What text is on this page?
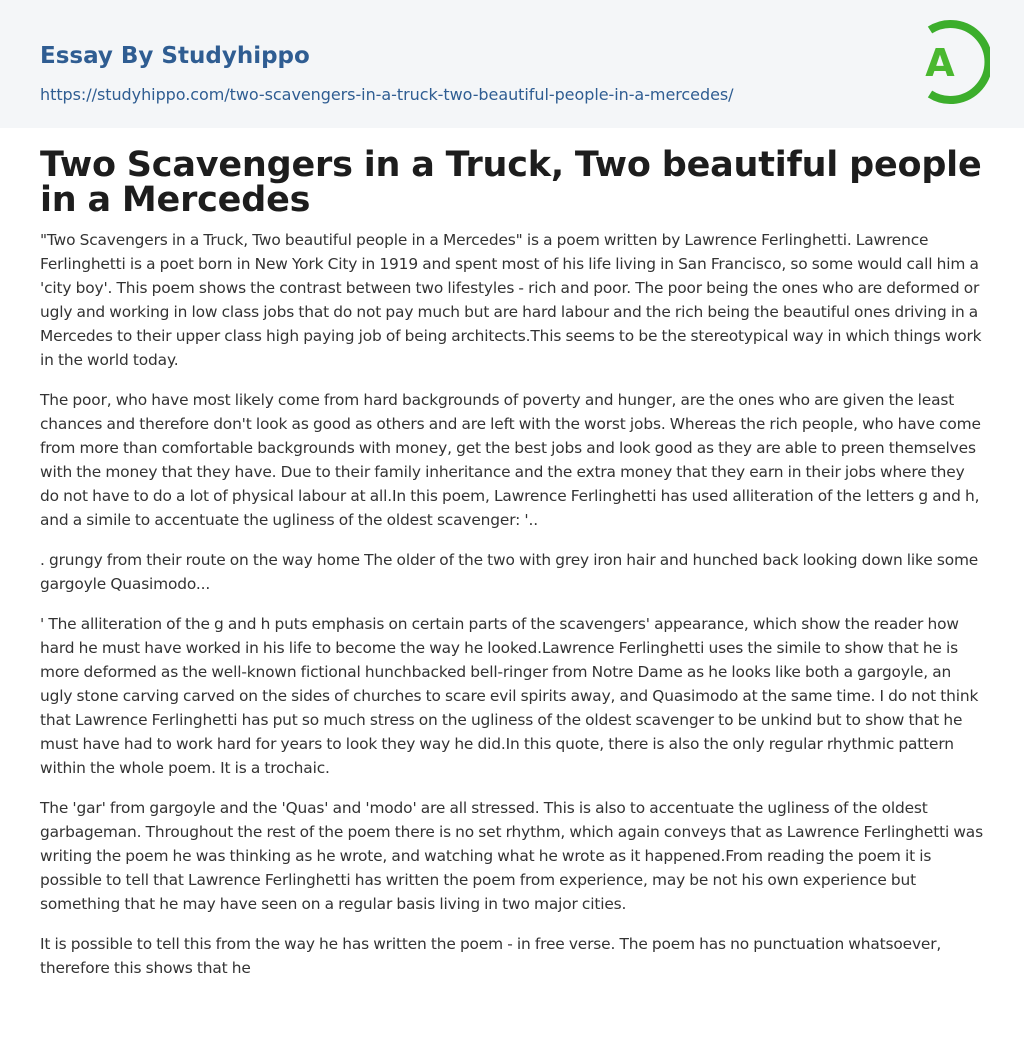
Essay By Studyhippo
https://studyhippo.com/two-scavengers-in-a-truck-two-beautiful-people-in-a-mercedes/
A
Two Scavengers in a Truck, Two beautiful people in a Mercedes

"Two Scavengers in a Truck, Two beautiful people in a Mercedes" is a poem written by Lawrence Ferlinghetti. Lawrence Ferlinghetti is a poet born in New York City in 1919 and spent most of his life living in San Francisco, so some would call him a 'city boy'. This poem shows the contrast between two lifestyles - rich and poor. The poor being the ones who are deformed or ugly and working in low class jobs that do not pay much but are hard labour and the rich being the beautiful ones driving in a Mercedes to their upper class high paying job of being architects.This seems to be the stereotypical way in which things work in the world today.

The poor, who have most likely come from hard backgrounds of poverty and hunger, are the ones who are given the least chances and therefore don't look as good as others and are left with the worst jobs. Whereas the rich people, who have come from more than comfortable backgrounds with money, get the best jobs and look good as they are able to preen themselves with the money that they have. Due to their family inheritance and the extra money that they earn in their jobs where they do not have to do a lot of physical labour at all.In this poem, Lawrence Ferlinghetti has used alliteration of the letters g and h, and a simile to accentuate the ugliness of the oldest scavenger: '..

. grungy from their route on the way home The older of the two with grey iron hair and hunched back looking down like some gargoyle Quasimodo...

' The alliteration of the g and h puts emphasis on certain parts of the scavengers' appearance, which show the reader how hard he must have worked in his life to become the way he looked.Lawrence Ferlinghetti uses the simile to show that he is more deformed as the well-known fictional hunchbacked bell-ringer from Notre Dame as he looks like both a gargoyle, an ugly stone carving carved on the sides of churches to scare evil spirits away, and Quasimodo at the same time. I do not think that Lawrence Ferlinghetti has put so much stress on the ugliness of the oldest scavenger to be unkind but to show that he must have had to work hard for years to look they way he did.In this quote, there is also the only regular rhythmic pattern within the whole poem. It is a trochaic.

The 'gar' from gargoyle and the 'Quas' and 'modo' are all stressed. This is also to accentuate the ugliness of the oldest garbageman. Throughout the rest of the poem there is no set rhythm, which again conveys that as Lawrence Ferlinghetti was writing the poem he was thinking as he wrote, and watching what he wrote as it happened.From reading the poem it is possible to tell that Lawrence Ferlinghetti has written the poem from experience, may be not his own experience but something that he may have seen on a regular basis living in two major cities.

It is possible to tell this from the way he has written the poem - in free verse. The poem has no punctuation whatsoever, therefore this shows that he
